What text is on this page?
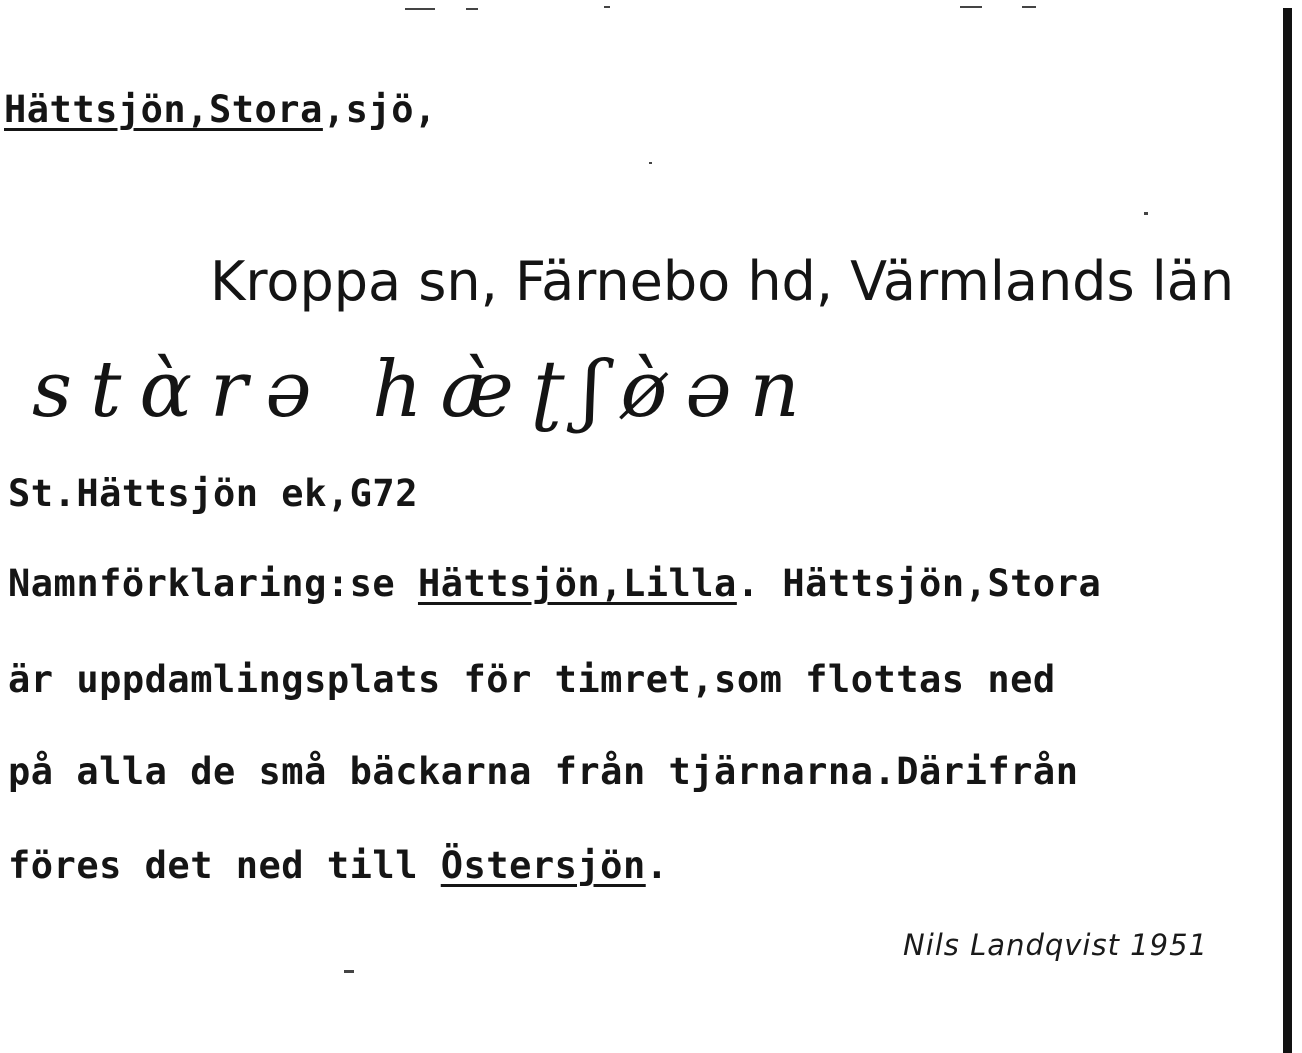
Hättsjön,Stora,sjö,
Kroppa sn, Färnebo hd, Värmlands län
stɑ̀rə hæ̀ʈʃø̀ən
St.Hättsjön ek,G72
Namnförklaring:se Hättsjön,Lilla. Hättsjön,Stora
är uppdamlingsplats för timret,som flottas ned
på alla de små bäckarna från tjärnarna.Därifrån
föres det ned till Östersjön.
Nils Landqvist 1951
